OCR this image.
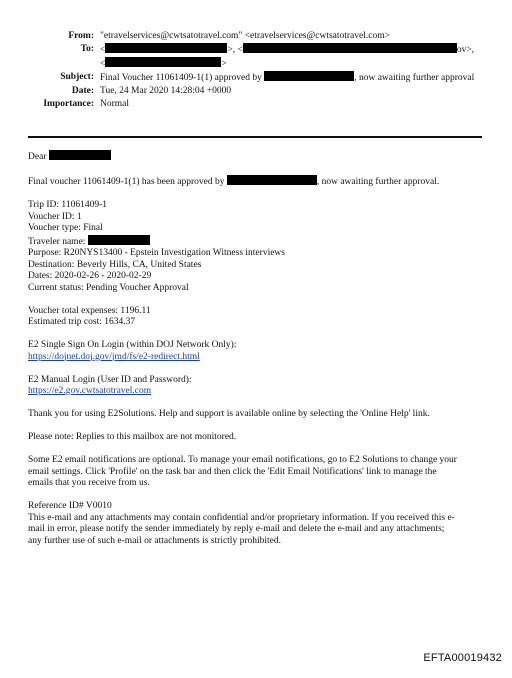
From: "etravelservices@cwtsatotravel.com" <etravelservices@cwtsatotravel.com>
To: <	>, <	ov>,
<	>
Subject: Final Voucher 11061409-1(1) approved by	, now awaiting further approval
Date: Tue, 24 Mar 2020 14:28:04 +0000
Importance: Normal

Dear

Final voucher 11061409-1(1) has been approved by	, now awaiting further approval.

Trip ID: 11061409-1
Voucher ID: 1
Voucher type: Final
Traveler name:
Purpose: R20NYS13400 - Epstein Investigation Witness interviews
Destination: Beverly Hills, CA, United States
Dates: 2020-02-26 - 2020-02-29
Current status: Pending Voucher Approval

Voucher total expenses: 1196.11
Estimated trip cost: 1634.37

E2 Single Sign On Login (within DOJ Network Only):
https://dojnet.doj.gov/jmd/fs/e2-redirect.html

E2 Manual Login (User ID and Password):
https://e2.gov.cwtsatotravel.com

Thank you for using E2Solutions. Help and support is available online by selecting the 'Online Help' link.

Please note: Replies to this mailbox are not monitored.

Some E2 email notifications are optional. To manage your email notifications, go to E2 Solutions to change your
email settings. Click 'Profile' on the task bar and then click the 'Edit Email Notifications' link to manage the
emails that you receive from us.

Reference ID# V0010
This e-mail and any attachments may contain confidential and/or proprietary information. If you received this e-
mail in error, please notify the sender immediately by reply e-mail and delete the e-mail and any attachments;
any further use of such e-mail or attachments is strictly prohibited.

EFTA00019432
